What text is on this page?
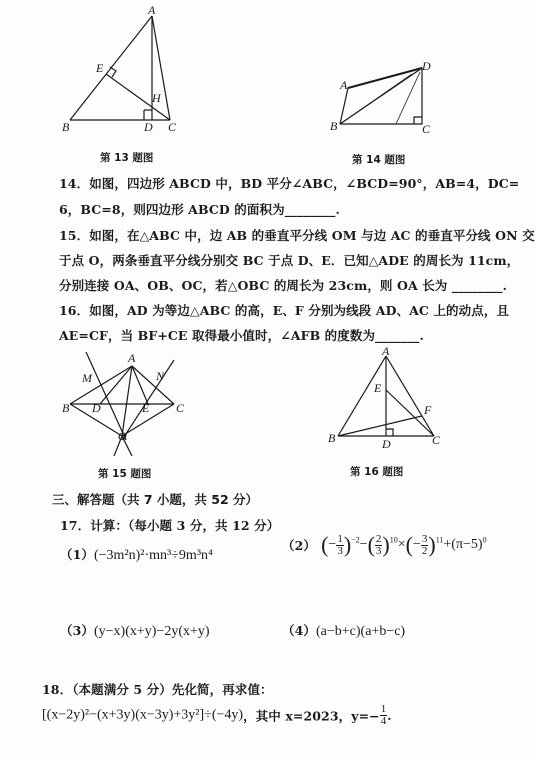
A
E
H
B	D C
第 13 题图
A
D
B	C
第 14 题图
14．如图，四边形 ABCD 中，BD 平分∠ABC，∠BCD=90°，AB=4，DC=
6，BC=8，则四边形 ABCD 的面积为________.
15．如图，在△ABC 中，边 AB 的垂直平分线 OM 与边 AC 的垂直平分线 ON 交
于点 O，两条垂直平分线分别交 BC 于点 D、E．已知△ADE 的周长为 11cm，
分别连接 OA、OB、OC，若△OBC 的周长为 23cm，则 OA 长为 ________.
16．如图，AD 为等边△ABC 的高，E、F 分别为线段 AD、AC 上的动点，且
AE=CF，当 BF+CE 取得最小值时，∠AFB 的度数为_______.
A
M	N
B D	E C
O
第 15 题图
A
E
F
B	D	C
第 16 题图
三、解答题（共 7 小题，共 52 分）
17．计算：（每小题 3 分，共 12 分）
（1）(−3m²n)²·mn³÷9m³n⁴
（2） (− $\frac{1}{3} )^{-2}-( \frac{2}{3} )^{10}\times(- \frac{3}{2} )^{11}+(\pi-5)^0$
（3）(y−x)(x+y)−2y(x+y)	（4）(a−b+c)(a+b−c)
18．（本题满分 5 分）先化简，再求值：
[(x−2y)²−(x+3y)(x−3y)+3y²]÷(−4y)，其中 x=2023，$y=- \frac{1}{4}$ .
